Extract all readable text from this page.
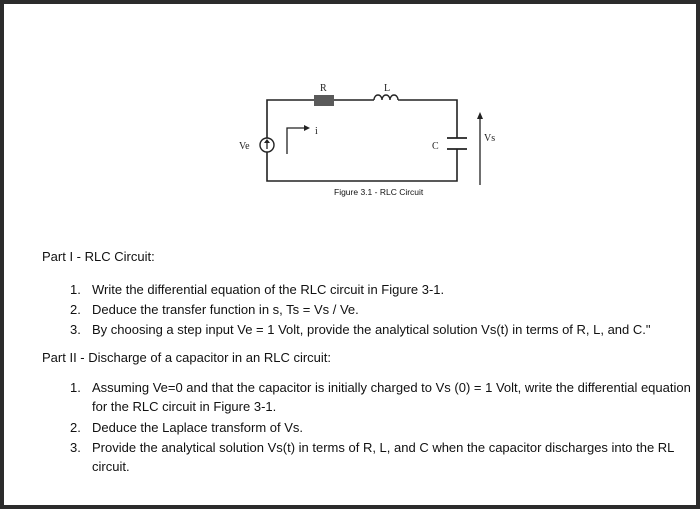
R	L
C
Ve
Vs
i
Figure 3.1 - RLC Circuit
Part I - RLC Circuit:
1. Write the differential equation of the RLC circuit in Figure 3-1.
2. Deduce the transfer function in s, Ts = Vs / Ve.
3. By choosing a step input Ve = 1 Volt, provide the analytical solution Vs(t) in terms of R, L, and C."
Part II - Discharge of a capacitor in an RLC circuit:
1. Assuming Ve=0 and that the capacitor is initially charged to Vs (0) = 1 Volt, write the differential equation for the RLC circuit in Figure 3-1.
2. Deduce the Laplace transform of Vs.
3. Provide the analytical solution Vs(t) in terms of R, L, and C when the capacitor discharges into the RL circuit.
